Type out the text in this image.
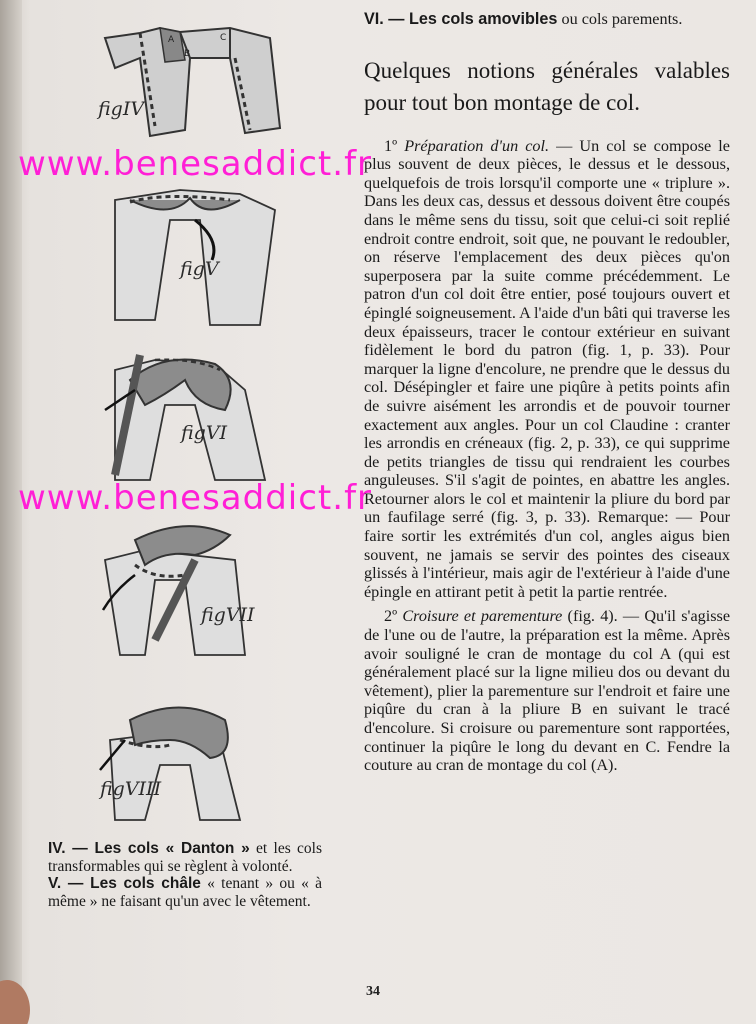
A
B
C
figIV
figV
figVI
figVII
figVIII
www.benesaddict.fr
www.benesaddict.fr
VI. — Les cols amovibles ou cols parements.
Quelques notions générales valables pour tout bon montage de col.

1º Préparation d'un col. — Un col se compose le plus souvent de deux pièces, le dessus et le dessous, quelquefois de trois lorsqu'il comporte une « triplure ». Dans les deux cas, dessus et dessous doivent être coupés dans le même sens du tissu, soit que celui-ci soit replié endroit contre endroit, soit que, ne pouvant le redoubler, on réserve l'emplacement des deux pièces qu'on superposera par la suite comme précédemment. Le patron d'un col doit être entier, posé toujours ouvert et épinglé soigneusement. A l'aide d'un bâti qui traverse les deux épaisseurs, tracer le contour extérieur en suivant fidèlement le bord du patron (fig. 1, p. 33). Pour marquer la ligne d'encolure, ne prendre que le dessus du col. Désépingler et faire une piqûre à petits points afin de suivre aisément les arrondis et de pouvoir tourner exactement aux angles. Pour un col Claudine : cranter les arrondis en créneaux (fig. 2, p. 33), ce qui supprime de petits triangles de tissu qui rendraient les courbes anguleuses. S'il s'agit de pointes, en abattre les angles. Retourner alors le col et maintenir la pliure du bord par un faufilage serré (fig. 3, p. 33). Remarque: — Pour faire sortir les extrémités d'un col, angles aigus bien souvent, ne jamais se servir des pointes des ciseaux glissés à l'intérieur, mais agir de l'extérieur à l'aide d'une épingle en attirant petit à petit la partie rentrée.

2º Croisure et parementure (fig. 4). — Qu'il s'agisse de l'une ou de l'autre, la préparation est la même. Après avoir souligné le cran de montage du col A (qui est généralement placé sur la ligne milieu dos ou devant du vêtement), plier la parementure sur l'endroit et faire une piqûre du cran à la pliure B en suivant le tracé d'encolure. Si croisure ou parementure sont rapportées, continuer la piqûre le long du devant en C. Fendre la couture au cran de montage du col (A).

IV. — Les cols « Danton » et les cols transformables qui se règlent à volonté.
V. — Les cols châle « tenant » ou « à même » ne faisant qu'un avec le vêtement.
34
